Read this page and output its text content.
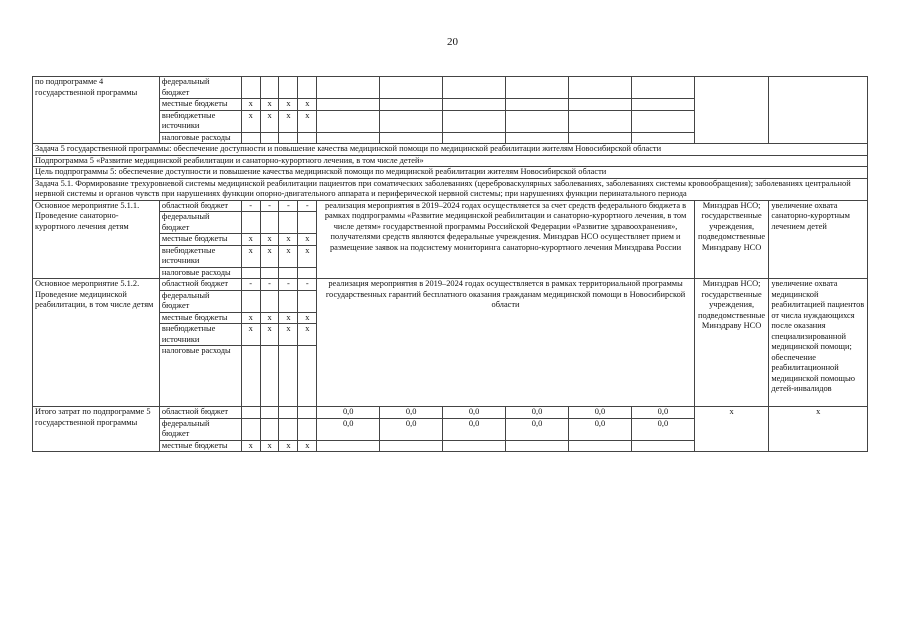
20
по подпрограмме 4 государственной программы	федеральный бюджет												
	местные бюджеты	x	x	x	x								
	внебюджетные источники	x	x	x	x								
	налоговые расходы												
Задача 5 государственной программы: обеспечение доступности и повышение качества медицинской помощи по медицинской реабилитации жителям Новосибирской области													
Подпрограмма 5 «Развитие медицинской реабилитации и санаторно-курортного лечения, в том числе детей»													
Цель подпрограммы 5: обеспечение доступности и повышение качества медицинской помощи по медицинской реабилитации жителям Новосибирской области													
Задача 5.1. Формирование трехуровневой системы медицинской реабилитации пациентов при соматических заболеваниях (цереброваскулярных заболеваниях, заболеваниях системы кровообращения); заболеваниях центральной нервной системы и органов чувств при нарушениях функции опорно-двигательного аппарата и периферической нервной системы; при нарушениях функции перинатального периода													
Основное мероприятие 5.1.1. Проведение санаторно-курортного лечения детям	областной бюджет	-	-	-	-	реализация мероприятия в 2019–2024 годах осуществляется за счет средств федерального бюджета в рамках подпрограммы «Развитие медицинской реабилитации и санаторно-курортного лечения, в том числе детям» государственной программы Российской Федерации «Развитие здравоохранения», получателями средств являются федеральные учреждения. Минздрав НСО осуществляет прием и размещение заявок на подсистему мониторинга санаторно-курортного лечения Минздрава России						Минздрав НСО; государственные учреждения, подведомственные Минздраву НСО	увеличение охвата санаторно-курортным лечением детей
	федеральный бюджет												
	местные бюджеты	x	x	x	x								
	внебюджетные источники	x	x	x	x								
	налоговые расходы												
Основное мероприятие 5.1.2. Проведение медицинской реабилитации, в том числе детям	областной бюджет	-	-	-	-	реализация мероприятия в 2019–2024 годах осуществляется в рамках территориальной программы государственных гарантий бесплатного оказания гражданам медицинской помощи в Новосибирской области						Минздрав НСО; государственные учреждения, подведомственные Минздраву НСО	увеличение охвата медицинской реабилитацией пациентов от числа нуждающихся после оказания специализированной медицинской помощи; обеспечение реабилитационной медицинской помощью детей-инвалидов
	федеральный бюджет												
	местные бюджеты	x	x	x	x								
	внебюджетные источники	x	x	x	x								
	налоговые расходы												
Итого затрат по подпрограмме 5 государственной программы	областной бюджет					0,0	0,0	0,0	0,0	0,0	0,0	x	x
	федеральный бюджет					0,0	0,0	0,0	0,0	0,0	0,0		
	местные бюджеты	x	x	x	x								
